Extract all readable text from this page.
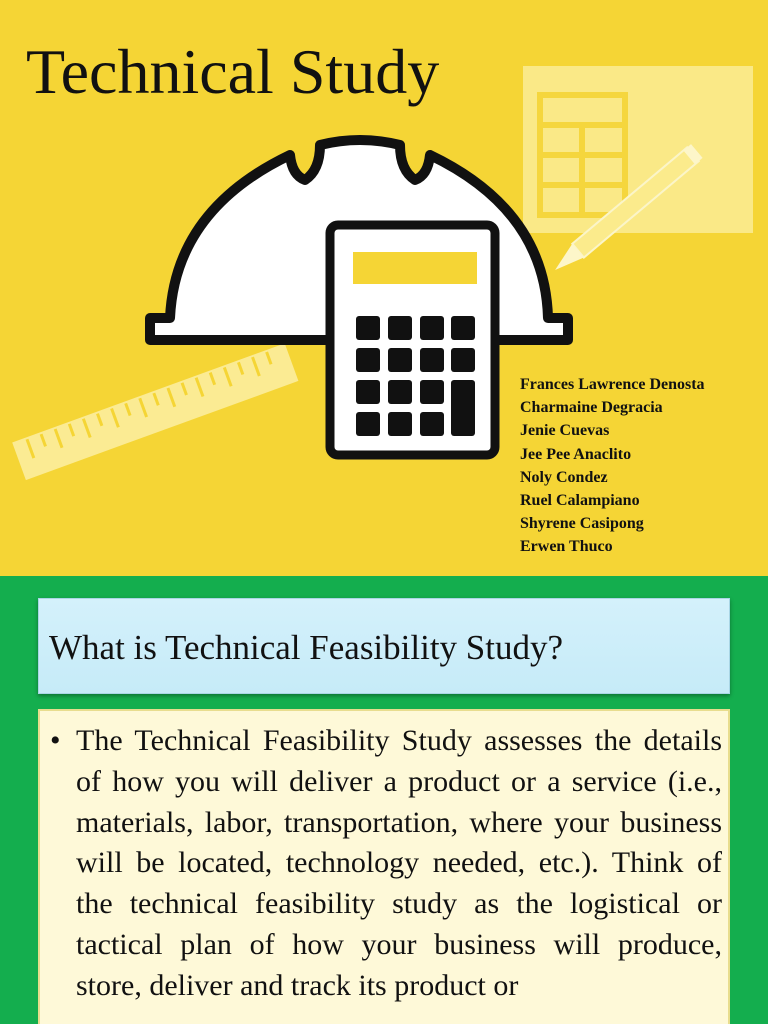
Technical Study
Frances Lawrence Denosta
Charmaine Degracia
Jenie Cuevas
Jee Pee Anaclito
Noly Condez
Ruel Calampiano
Shyrene Casipong
Erwen Thuco
What is Technical Feasibility Study?
• The Technical Feasibility Study assesses the details of how you will deliver a product or a service (i.e., materials, labor, transportation, where your business will be located, technology needed, etc.). Think of the technical feasibility study as the logistical or tactical plan of how your business will produce, store, deliver and track its product or
